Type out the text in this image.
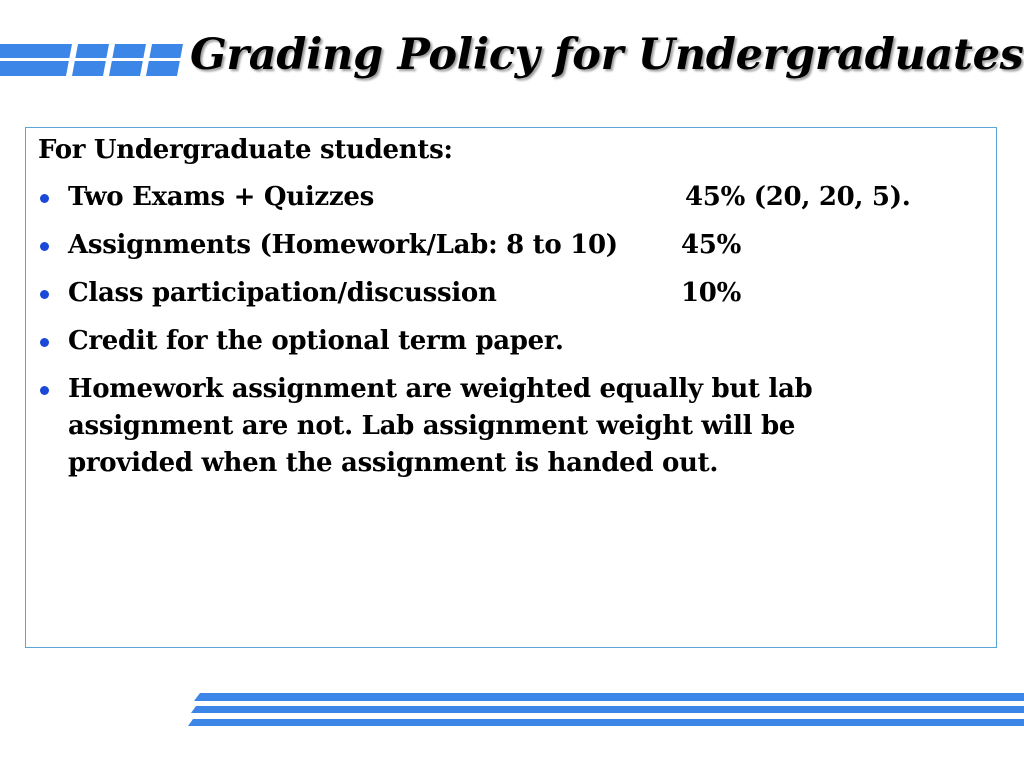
Grading Policy for Undergraduates
For Undergraduate students:
Two Exams + Quizzes	45% (20, 20, 5).
Assignments (Homework/Lab: 8 to 10) 45%
Class participation/discussion	10%
Credit for the optional term paper.
Homework assignment are weighted equally but lab assignment are not. Lab assignment weight will be provided when the assignment is handed out.
